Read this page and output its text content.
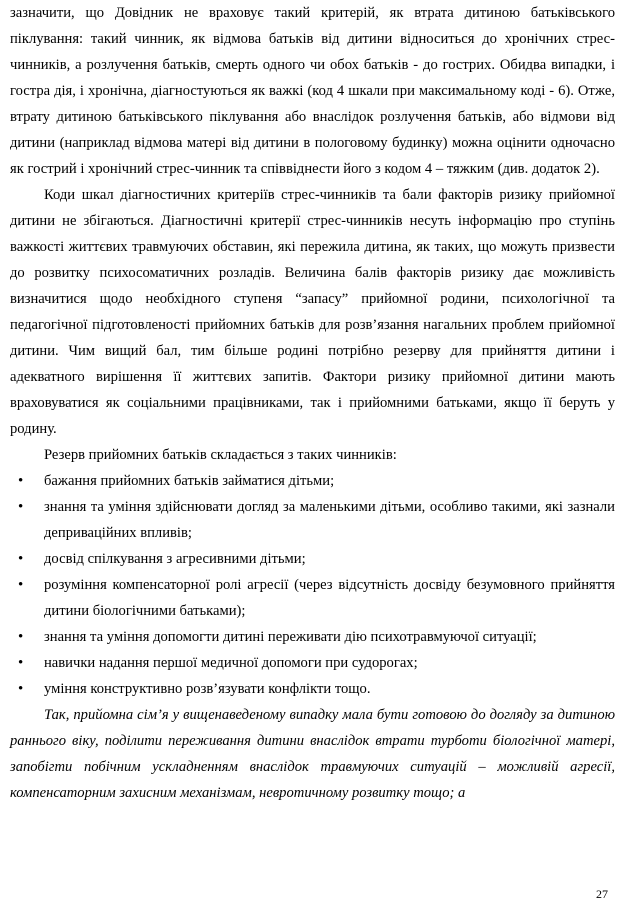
зазначити, що Довідник не враховує такий критерій, як втрата дитиною батьківського піклування: такий чинник, як відмова батьків від дитини відноситься до хронічних стрес-чинників, а розлучення батьків, смерть одного чи обох батьків - до гострих. Обидва випадки, і гостра дія, і хронічна, діагностуються як важкі (код 4 шкали при максимальному коді - 6). Отже, втрату дитиною батьківського піклування або внаслідок розлучення батьків, або відмови від дитини (наприклад відмова матері від дитини в пологовому будинку) можна оцінити одночасно як гострий і хронічний стрес-чинник та співвіднести його з кодом 4 – тяжким (див. додаток 2).

Коди шкал діагностичних критеріїв стрес-чинників та бали факторів ризику прийомної дитини не збігаються. Діагностичні критерії стрес-чинників несуть інформацію про ступінь важкості життєвих травмуючих обставин, які пережила дитина, як таких, що можуть призвести до розвитку психосоматичних розладів. Величина балів факторів ризику дає можливість визначитися щодо необхідного ступеня “запасу” прийомної родини, психологічної та педагогічної підготовленості прийомних батьків для розв’язання нагальних проблем прийомної дитини. Чим вищий бал, тим більше родині потрібно резерву для прийняття дитини і адекватного вирішення її життєвих запитів. Фактори ризику прийомної дитини мають враховуватися як соціальними працівниками, так і прийомними батьками, якщо її беруть у родину.

Резерв прийомних батьків складається з таких чинників:

• бажання прийомних батьків займатися дітьми;
• знання та уміння здійснювати догляд за маленькими дітьми, особливо такими, які зазнали деприваційних впливів;
• досвід спілкування з агресивними дітьми;
• розуміння компенсаторної ролі агресії (через відсутність досвіду безумовного прийняття дитини біологічними батьками);
• знання та уміння допомогти дитині переживати дію психотравмуючої ситуації;
• навички надання першої медичної допомоги при судорогах;
• уміння конструктивно розв’язувати конфлікти тощо.

Так, прийомна сім’я у вищенаведеному випадку мала бути готовою до догляду за дитиною раннього віку, поділити переживання дитини внаслідок втрати турботи біологічної матері, запобігти побічним ускладненням внаслідок травмуючих ситуацій – можливій агресії, компенсаторним захисним механізмам, невротичному розвитку тощо; а

27
